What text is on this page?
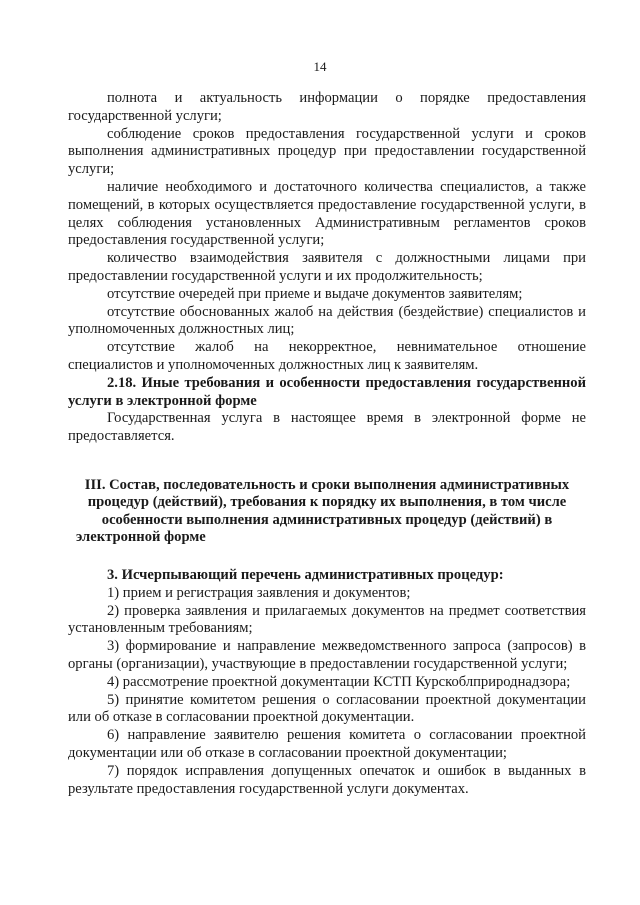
14

полнота и актуальность информации о порядке предоставления государственной услуги;

соблюдение сроков предоставления государственной услуги и сроков выполнения административных процедур при предоставлении государственной услуги;

наличие необходимого и достаточного количества специалистов, а также помещений, в которых осуществляется предоставление государственной услуги, в целях соблюдения установленных Административным регламентов сроков предоставления государственной услуги;

количество взаимодействия заявителя с должностными лицами при предоставлении государственной услуги и их продолжительность;

отсутствие очередей при приеме и выдаче документов заявителям;

отсутствие обоснованных жалоб на действия (бездействие) специалистов и уполномоченных должностных лиц;

отсутствие жалоб на некорректное, невнимательное отношение специалистов и уполномоченных должностных лиц к заявителям.

2.18. Иные требования и особенности предоставления государственной услуги в электронной форме

Государственная услуга в настоящее время в электронной форме не предоставляется.

III. Состав, последовательность и сроки выполнения административных процедур (действий), требования к порядку их выполнения, в том числе особенности выполнения административных процедур (действий) в электронной форме

3. Исчерпывающий перечень административных процедур:

1) прием и регистрация заявления и документов;

2) проверка заявления и прилагаемых документов на предмет соответствия установленным требованиям;

3) формирование и направление межведомственного запроса (запросов) в органы (организации), участвующие в предоставлении государственной услуги;

4) рассмотрение проектной документации КСТП Курскоблприроднадзора;

5) принятие комитетом решения о согласовании проектной документации или об отказе в согласовании проектной документации.

6) направление заявителю решения комитета о согласовании проектной документации или об отказе в согласовании проектной документации;

7) порядок исправления допущенных опечаток и ошибок в выданных в результате предоставления государственной услуги документах.
